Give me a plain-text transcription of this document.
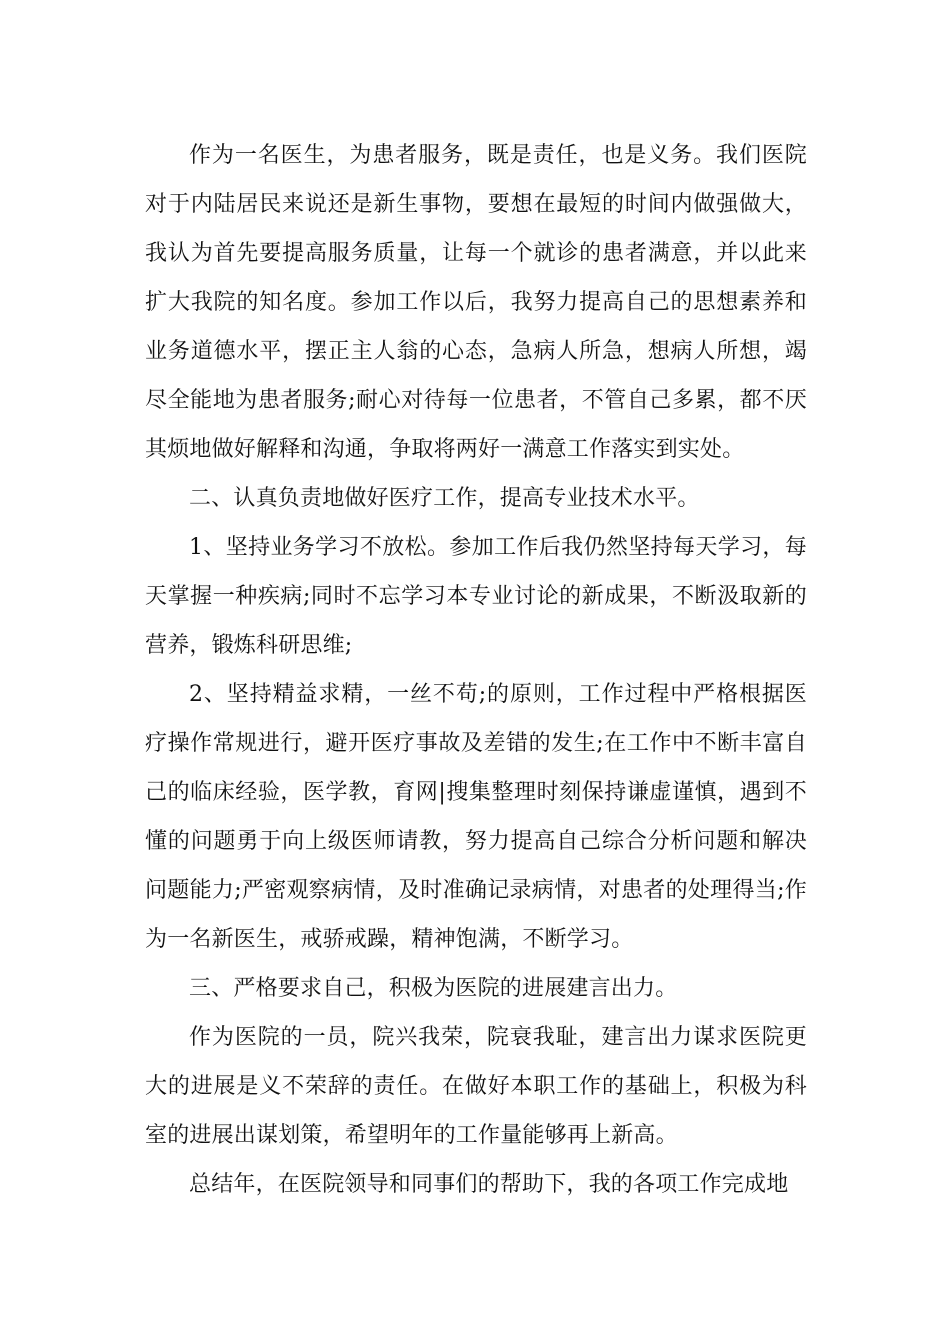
作为一名医生，为患者服务，既是责任，也是义务。我们医院对于内陆居民来说还是新生事物，要想在最短的时间内做强做大，我认为首先要提高服务质量，让每一个就诊的患者满意，并以此来扩大我院的知名度。参加工作以后，我努力提高自己的思想素养和业务道德水平，摆正主人翁的心态，急病人所急，想病人所想，竭尽全能地为患者服务;耐心对待每一位患者，不管自己多累，都不厌其烦地做好解释和沟通，争取将两好一满意工作落实到实处。

二、认真负责地做好医疗工作，提高专业技术水平。

1、坚持业务学习不放松。参加工作后我仍然坚持每天学习，每天掌握一种疾病;同时不忘学习本专业讨论的新成果，不断汲取新的营养，锻炼科研思维;

2、坚持精益求精，一丝不苟;的原则，工作过程中严格根据医疗操作常规进行，避开医疗事故及差错的发生;在工作中不断丰富自己的临床经验，医学教，育网|搜集整理时刻保持谦虚谨慎，遇到不懂的问题勇于向上级医师请教，努力提高自己综合分析问题和解决问题能力;严密观察病情，及时准确记录病情，对患者的处理得当;作为一名新医生，戒骄戒躁，精神饱满，不断学习。

三、严格要求自己，积极为医院的进展建言出力。

作为医院的一员，院兴我荣，院衰我耻，建言出力谋求医院更大的进展是义不荣辞的责任。在做好本职工作的基础上，积极为科室的进展出谋划策，希望明年的工作量能够再上新高。

总结年，在医院领导和同事们的帮助下，我的各项工作完成地
